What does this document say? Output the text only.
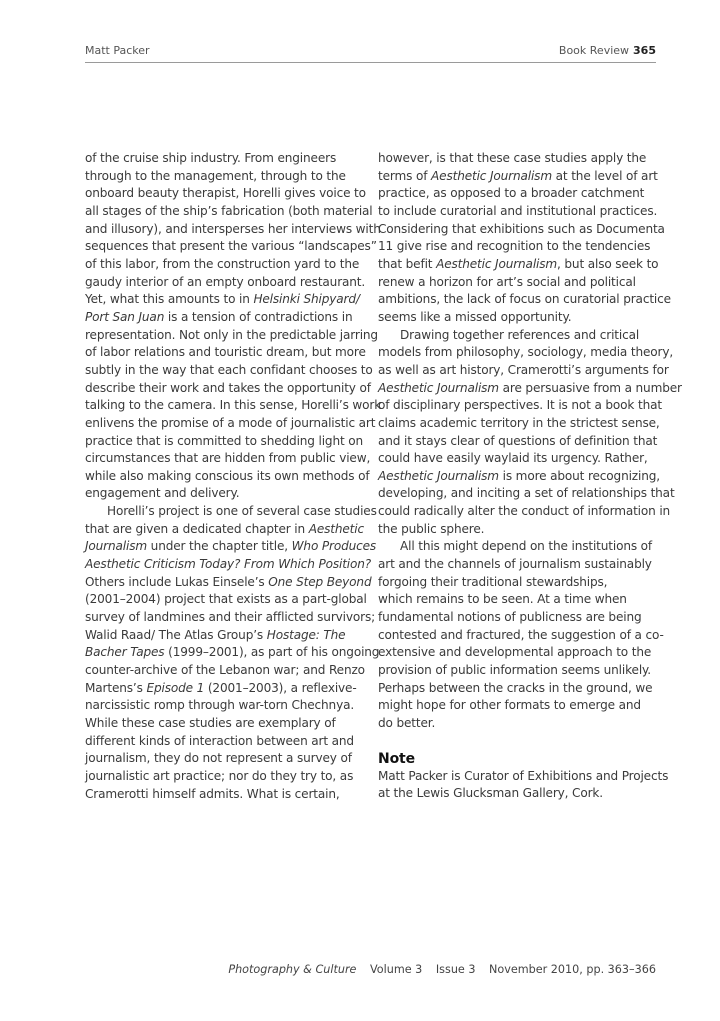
Matt Packer	Book Review 365
of the cruise ship industry. From engineers
through to the management, through to the
onboard beauty therapist, Horelli gives voice to
all stages of the ship’s fabrication (both material
and illusory), and intersperses her interviews with
sequences that present the various “landscapes”
of this labor, from the construction yard to the
gaudy interior of an empty onboard restaurant.
Yet, what this amounts to in Helsinki Shipyard/
Port San Juan is a tension of contradictions in
representation. Not only in the predictable jarring
of labor relations and touristic dream, but more
subtly in the way that each confidant chooses to
describe their work and takes the opportunity of
talking to the camera. In this sense, Horelli’s work
enlivens the promise of a mode of journalistic art
practice that is committed to shedding light on
circumstances that are hidden from public view,
while also making conscious its own methods of
engagement and delivery.
Horelli’s project is one of several case studies
that are given a dedicated chapter in Aesthetic
Journalism under the chapter title, Who Produces
Aesthetic Criticism Today? From Which Position?
Others include Lukas Einsele’s One Step Beyond
(2001–2004) project that exists as a part-global
survey of landmines and their afflicted survivors;
Walid Raad/ The Atlas Group’s Hostage: The
Bacher Tapes (1999–2001), as part of his ongoing
counter-archive of the Lebanon war; and Renzo
Martens’s Episode 1 (2001–2003), a reflexive-
narcissistic romp through war-torn Chechnya.
While these case studies are exemplary of
different kinds of interaction between art and
journalism, they do not represent a survey of
journalistic art practice; nor do they try to, as
Cramerotti himself admits. What is certain,
however, is that these case studies apply the
terms of Aesthetic Journalism at the level of art
practice, as opposed to a broader catchment
to include curatorial and institutional practices.
Considering that exhibitions such as Documenta
11 give rise and recognition to the tendencies
that befit Aesthetic Journalism, but also seek to
renew a horizon for art’s social and political
ambitions, the lack of focus on curatorial practice
seems like a missed opportunity.
Drawing together references and critical
models from philosophy, sociology, media theory,
as well as art history, Cramerotti’s arguments for
Aesthetic Journalism are persuasive from a number
of disciplinary perspectives. It is not a book that
claims academic territory in the strictest sense,
and it stays clear of questions of definition that
could have easily waylaid its urgency. Rather,
Aesthetic Journalism is more about recognizing,
developing, and inciting a set of relationships that
could radically alter the conduct of information in
the public sphere.
All this might depend on the institutions of
art and the channels of journalism sustainably
forgoing their traditional stewardships,
which remains to be seen. At a time when
fundamental notions of publicness are being
contested and fractured, the suggestion of a co-
extensive and developmental approach to the
provision of public information seems unlikely.
Perhaps between the cracks in the ground, we
might hope for other formats to emerge and
do better.
Note
Matt Packer is Curator of Exhibitions and Projects
at the Lewis Glucksman Gallery, Cork.
Photography & Culture Volume 3 Issue 3 November 2010, pp. 363–366
